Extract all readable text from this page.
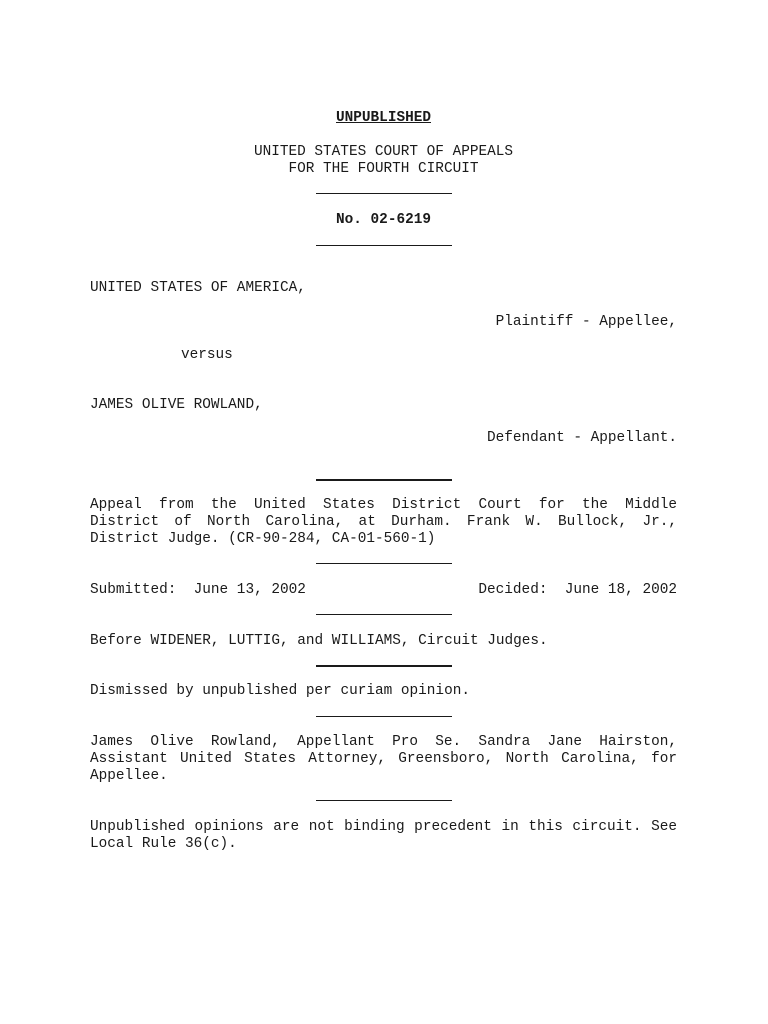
UNPUBLISHED
UNITED STATES COURT OF APPEALS
FOR THE FOURTH CIRCUIT
No. 02-6219
UNITED STATES OF AMERICA,
Plaintiff - Appellee,
versus
JAMES OLIVE ROWLAND,
Defendant - Appellant.
Appeal from the United States District Court for the Middle District of North Carolina, at Durham. Frank W. Bullock, Jr., District Judge. (CR-90-284, CA-01-560-1)
Submitted:  June 13, 2002	Decided:  June 18, 2002
Before WIDENER, LUTTIG, and WILLIAMS, Circuit Judges.
Dismissed by unpublished per curiam opinion.
James Olive Rowland, Appellant Pro Se. Sandra Jane Hairston, Assistant United States Attorney, Greensboro, North Carolina, for Appellee.
Unpublished opinions are not binding precedent in this circuit. See Local Rule 36(c).
